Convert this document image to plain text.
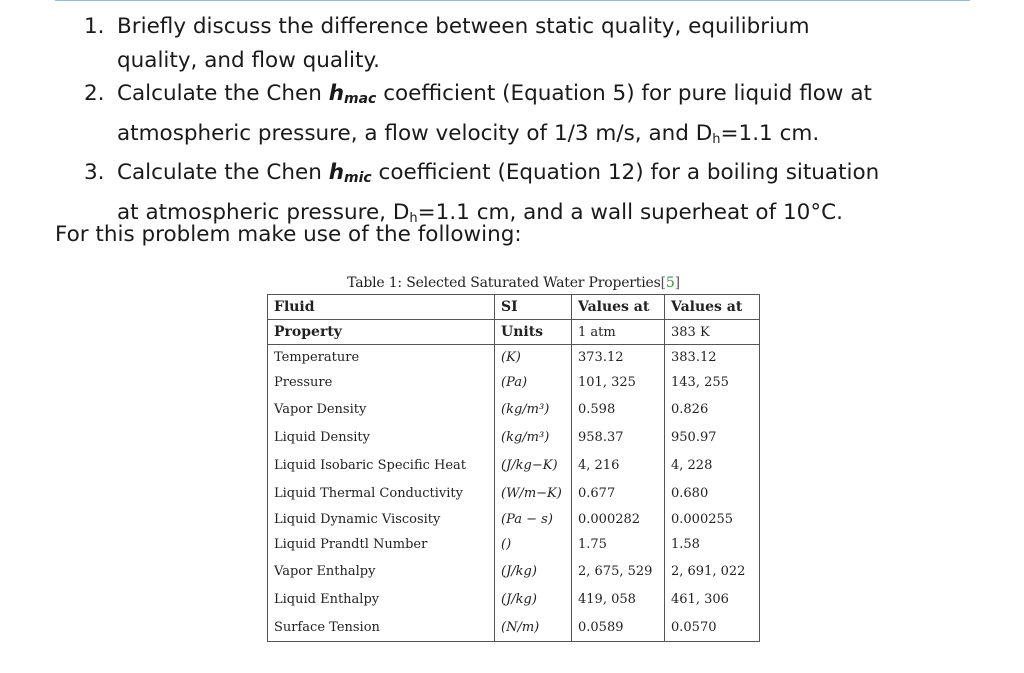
1. Briefly discuss the difference between static quality, equilibrium
quality, and flow quality.
2. Calculate the Chen $h_{mac}$ coefficient (Equation 5) for pure liquid flow at
atmospheric pressure, a flow velocity of 1/3 m/s, and $D_h=1.1$ cm.
3. Calculate the Chen $h_{mic}$ coefficient (Equation 12) for a boiling situation
at atmospheric pressure, $D_h=1.1$ cm, and a wall superheat of 10°C.

For this problem make use of the following:

Table 1: Selected Saturated Water Properties[5]

Fluid	SI	Values at	Values at
Property	Units	1 atm	383 K
Temperature	(K)	373.12	383.12
Pressure	(Pa)	101, 325	143, 255
Vapor Density	(kg/m³)	0.598	0.826
Liquid Density	(kg/m³)	958.37	950.97
Liquid Isobaric Specific Heat	(J/kg−K)	4, 216	4, 228
Liquid Thermal Conductivity	(W/m−K)	0.677	0.680
Liquid Dynamic Viscosity	(Pa − s)	0.000282	0.000255
Liquid Prandtl Number	()	1.75	1.58
Vapor Enthalpy	(J/kg)	2, 675, 529	2, 691, 022
Liquid Enthalpy	(J/kg)	419, 058	461, 306
Surface Tension	(N/m)	0.0589	0.0570
